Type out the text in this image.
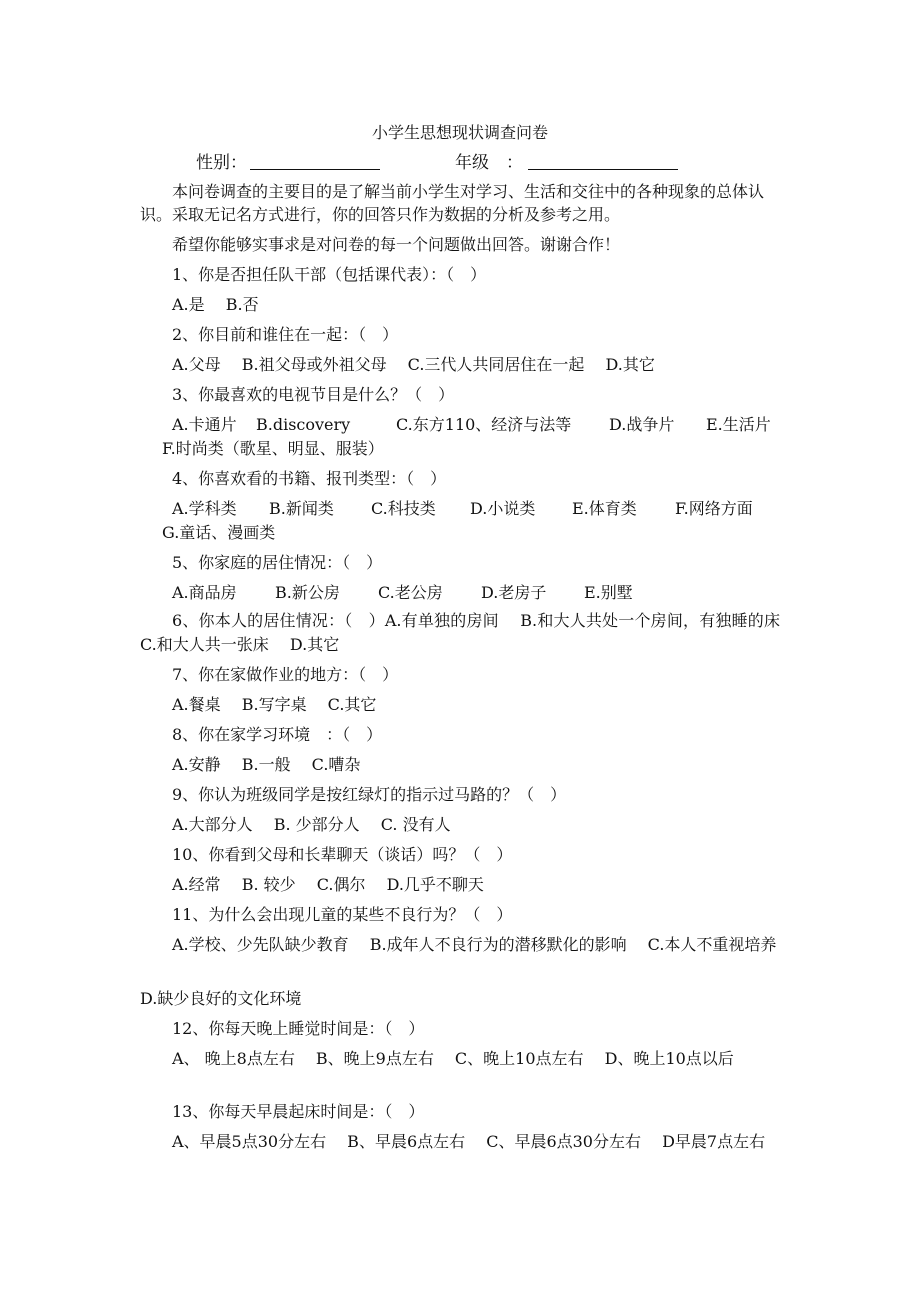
小学生思想现状调查问卷
性别：	年级　：
本问卷调查的主要目的是了解当前小学生对学习、生活和交往中的各种现象的总体认识。采取无记名方式进行，你的回答只作为数据的分析及参考之用。
希望你能够实事求是对问卷的每一个问题做出回答。谢谢合作！
1、你是否担任队干部（包括课代表）：（　）
A.是　 B.否
2、你目前和谁住在一起：（　）
A.父母　 B.祖父母或外祖父母　 C.三代人共同居住在一起　 D.其它
3、你最喜欢的电视节目是什么？（　）
A.卡通片 B.discovery	C.东方110、经济与法等 D.战争片 E.生活片
F.时尚类（歌星、明显、服装）
4、你喜欢看的书籍、报刊类型：（　）
A.学科类 B.新闻类 C.科技类 D.小说类 E.体育类 F.网络方面
G.童话、漫画类
5、你家庭的居住情况：（　）
A.商品房 B.新公房 C.老公房 D.老房子 E.别墅
6、你本人的居住情况：（　）A.有单独的房间　 B.和大人共处一个房间，有独睡的床　 C.和大人共一张床　 D.其它
7、你在家做作业的地方：（　）
A.餐桌　 B.写字桌　 C.其它
8、你在家学习环境　：（　）
A.安静　 B.一般　 C.嘈杂
9、你认为班级同学是按红绿灯的指示过马路的？（　）
A.大部分人　 B. 少部分人　 C. 没有人
10、你看到父母和长辈聊天（谈话）吗？（　）
A.经常　 B. 较少　 C.偶尔　 D.几乎不聊天
11、为什么会出现儿童的某些不良行为？（　）
A.学校、少先队缺少教育　 B.成年人不良行为的潜移默化的影响　 C.本人不重视培养
D.缺少良好的文化环境
12、你每天晚上睡觉时间是：（　）
A、 晚上8点左右　 B、晚上9点左右　 C、晚上10点左右　 D、晚上10点以后
13、你每天早晨起床时间是：（　）
A、早晨5点30分左右　 B、早晨6点左右　 C、早晨6点30分左右　 D早晨7点左右
